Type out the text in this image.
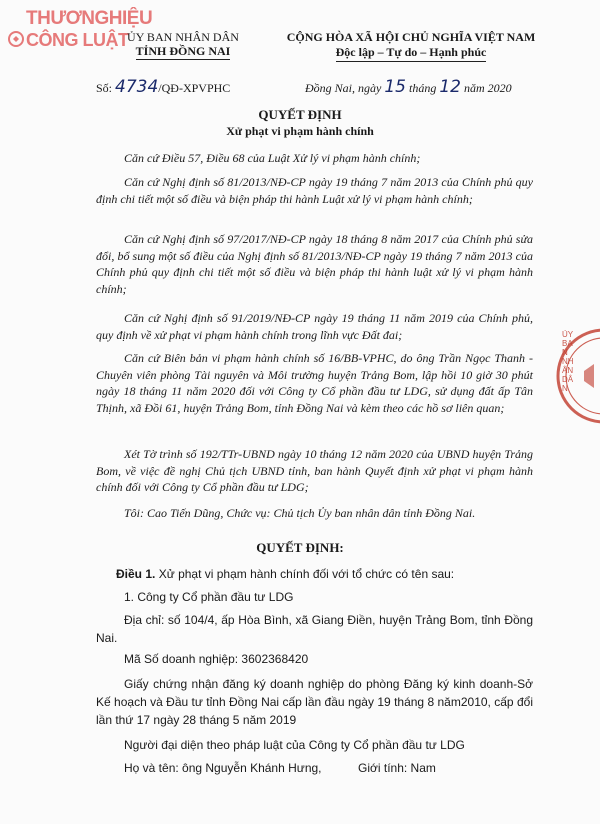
THƯƠNGHIỆU
CÔNG LUẬT
ỦY BAN NHÂN DÂN
TỈNH ĐỒNG NAI
CỘNG HÒA XÃ HỘI CHỦ NGHĨA VIỆT NAM
Độc lập – Tự do – Hạnh phúc
Số: 4734/QĐ-XPVPHC	Đồng Nai, ngày 15 tháng 12 năm 2020
QUYẾT ĐỊNH
Xử phạt vi phạm hành chính
Căn cứ Điều 57, Điều 68 của Luật Xử lý vi phạm hành chính;
Căn cứ Nghị định số 81/2013/NĐ-CP ngày 19 tháng 7 năm 2013 của Chính phủ quy định chi tiết một số điều và biện pháp thi hành Luật xử lý vi phạm hành chính;
Căn cứ Nghị định số 97/2017/NĐ-CP ngày 18 tháng 8 năm 2017 của Chính phủ sửa đổi, bổ sung một số điều của Nghị định số 81/2013/NĐ-CP ngày 19 tháng 7 năm 2013 của Chính phủ quy định chi tiết một số điều và biện pháp thi hành luật xử lý vi phạm hành chính;
Căn cứ Nghị định số 91/2019/NĐ-CP ngày 19 tháng 11 năm 2019 của Chính phủ, quy định về xử phạt vi phạm hành chính trong lĩnh vực Đất đai;
Căn cứ Biên bản vi phạm hành chính số 16/BB-VPHC, do ông Trần Ngọc Thanh - Chuyên viên phòng Tài nguyên và Môi trường huyện Trảng Bom, lập hồi 10 giờ 30 phút ngày 18 tháng 11 năm 2020 đối với Công ty Cổ phần đầu tư LDG, sử dụng đất ấp Tân Thịnh, xã Đồi 61, huyện Trảng Bom, tỉnh Đồng Nai và kèm theo các hồ sơ liên quan;
Xét Tờ trình số 192/TTr-UBND ngày 10 tháng 12 năm 2020 của UBND huyện Trảng Bom, về việc đề nghị Chủ tịch UBND tỉnh, ban hành Quyết định xử phạt vi phạm hành chính đối với Công ty Cổ phần đầu tư LDG;
Tôi: Cao Tiến Dũng, Chức vụ: Chủ tịch Ủy ban nhân dân tỉnh Đồng Nai.
QUYẾT ĐỊNH:
Điều 1. Xử phạt vi phạm hành chính đối với tổ chức có tên sau:
1. Công ty Cổ phần đầu tư LDG
Địa chỉ: số 104/4, ấp Hòa Bình, xã Giang Điền, huyện Trảng Bom, tỉnh Đồng Nai.
Mã Số doanh nghiệp: 3602368420
Giấy chứng nhận đăng ký doanh nghiệp do phòng Đăng ký kinh doanh-Sở Kế hoạch và Đầu tư tỉnh Đồng Nai cấp lần đầu ngày 19 tháng 8 năm2010, cấp đổi lần thứ 17 ngày 28 tháng 5 năm 2019
Người đại diện theo pháp luật của Công ty Cổ phần đầu tư LDG
Họ và tên: ông Nguyễn Khánh Hưng,	Giới tính: Nam
ỦY BAN NHÂN DÂN
